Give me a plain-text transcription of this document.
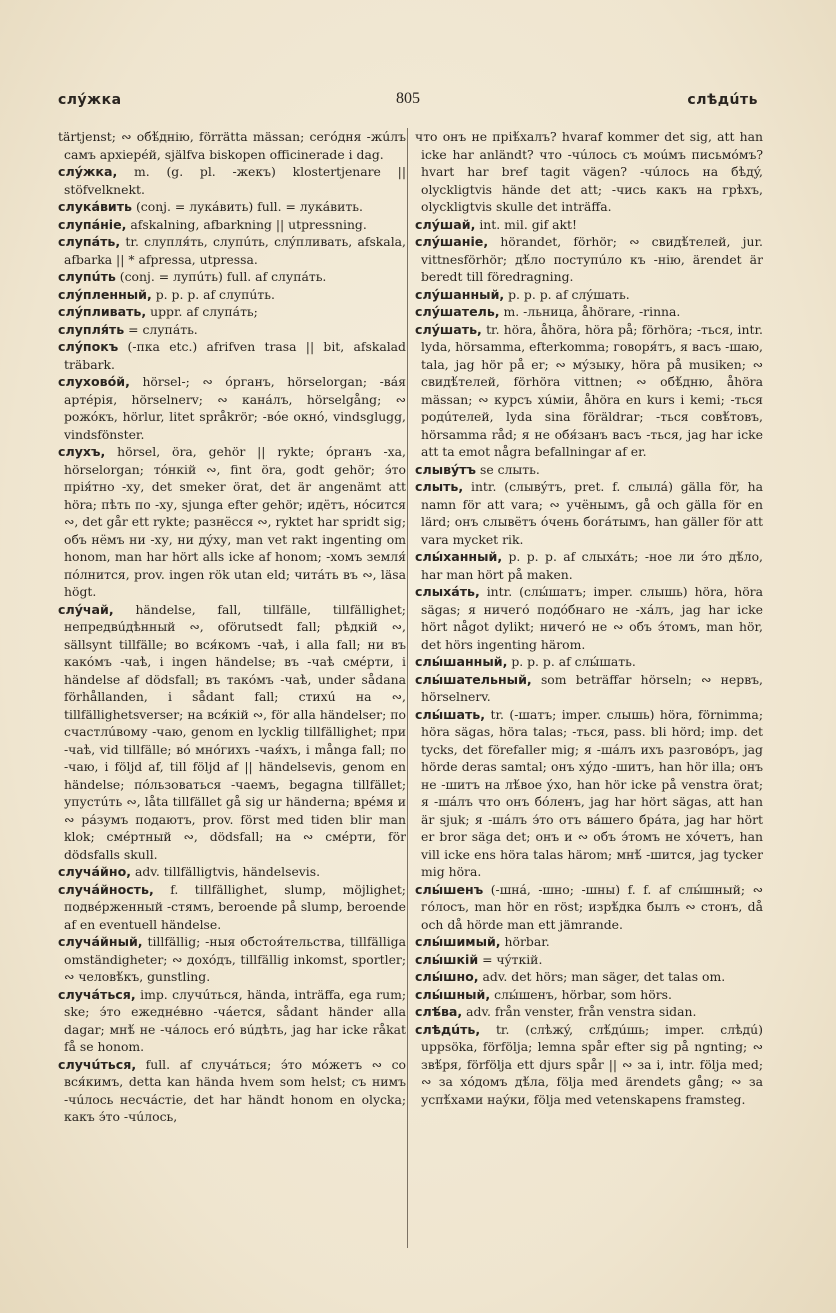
слýжка	805	слѣдúть

tärtjenst; ∾ обѣ́днію, förrätta mässan; сегóдня -жúлъ самъ архіерéй, själfva biskopen officinerade i dag.

слýжка, m. (g. pl. -жекъ) klostertjenare || stöfvelknekt.

слукáвить (conj. = лукáвить) full. = лукáвить.

слупáніе, afskalning, afbarkning || utpressning.

слупáть, tr. слупля́ть, слупúть, слýпливать, afskala, afbarka || * afpressa, utpressa.

слупúть (conj. = лупúть) full. af слупáть.

слýпленный, p. p. p. af слупúть.

слýпливать, uppr. af слупáть;

слупля́ть = слупáть.

слýпокъ (-пка etc.) afrifven trasa || bit, afskalad träbark.

слуховóй, hörsel-; ∾ óрганъ, hörselorgan; -вáя артéрія, hörselnerv; ∾ канáлъ, hörselgång; ∾ рожóкъ, hörlur, litet språkrör; -вóе окнó, vindsglugg, vindsfönster.

слухъ, hörsel, öra, gehör || rykte; óрганъ -ха, hörselorgan; тóнкій ∾, fint öra, godt gehör; э́то прія́тно -ху, det smeker örat, det är angenämt att höra; пѣть по -ху, sjunga efter gehör; идётъ, нóсится ∾, det går ett rykte; разнёсся ∾, ryktet har spridt sig; объ нёмъ ни -ху, ни дýху, man vet rakt ingenting om honom, man har hört alls icke af honom; -хомъ земля́ пóлнится, prov. ingen rök utan eld; читáть въ ∾, läsa högt.

слýчай, händelse, fall, tillfälle, tillfällighet; непредвúдѣнный ∾, oförutsedt fall; рѣдкій ∾, sällsynt tillfälle; во вся́комъ -чаѣ, i alla fall; ни въ какóмъ -чаѣ, i ingen händelse; въ -чаѣ смéрти, i händelse af dödsfall; въ такóмъ -чаѣ, under sådana förhållanden, i sådant fall; стихú на ∾, tillfällighetsverser; на вся́кій ∾, för alla händelser; по счастлúвому -чаю, genom en lycklig tillfällighet; при -чаѣ, vid tillfälle; вó мнóгихъ -чая́хъ, i många fall; по -чаю, i följd af, till följd af || händelsevis, genom en händelse; пóльзоваться -чаемъ, begagna tillfället; упустúть ∾, låta tillfället gå sig ur händerna; врéмя и ∾ рáзумъ подаютъ, prov. först med tiden blir man klok; смéртный ∾, dödsfall; на ∾ смéрти, för dödsfalls skull.

случáйно, adv. tillfälligtvis, händelsevis.

случáйность, f. tillfällighet, slump, möjlighet; подвéрженный -стямъ, beroende på slump, beroende af en eventuell händelse.

случáйный, tillfällig; -ныя обстоя́тельства, tillfälliga omständigheter; ∾ дохóдъ, tillfällig inkomst, sportler; ∾ человѣ́къ, gunstling.

случáться, imp. случúться, hända, inträffa, ega rum; ske; э́то ежеднéвно -чáется, sådant händer alla dagar; мнѣ́ не -чáлось егó вúдѣть, jag har icke råkat få se honom.

случúться, full. af случáться; э́то мóжетъ ∾ со вся́кимъ, detta kan hända hvem som helst; съ нимъ -чúлось несчáстіе, det har händt honom en olycka; какъ э́то -чúлось,

что онъ не пріѣ́халъ? hvaraf kommer det sig, att han icke har anländt? что -чúлось съ моúмъ письмóмъ? hvart har bref tagit vägen? -чúлось на бѣдý, olyckligtvis hände det att; -чись какъ на грѣхъ, olyckligtvis skulle det inträffa.

слýшай, int. mil. gif akt!

слýшаніе, hörandet, förhör; ∾ свидѣ́телей, jur. vittnesförhör; дѣ́ло поступúло къ -нію, ärendet är beredt till föredragning.

слýшанный, p. p. p. af слýшать.

слýшатель, m. -льница, åhörare, -rinna.

слýшать, tr. höra, åhöra, höra på; förhöra; -ться, intr. lyda, hörsamma, efterkomma; говоря́тъ, я васъ -шаю, tala, jag hör på er; ∾ мýзыку, höra på musiken; ∾ свидѣ́телей, förhöra vittnen; ∾ обѣ́дню, åhöra mässan; ∾ курсъ хúміи, åhöra en kurs i kemi; -ться родúтелей, lyda sina föräldrar; -ться совѣ́товъ, hörsamma råd; я не обя́занъ васъ -ться, jag har icke att ta emot några befallningar af er.

слывýтъ se слыть.

слыть, intr. (слывýтъ, pret. f. слылá) gälla för, ha namn för att vara; ∾ учёнымъ, gå och gälla för en lärd; онъ слывётъ óчень богáтымъ, han gäller för att vara mycket rik.

слы́ханный, p. p. p. af слыхáть; -ное ли э́то дѣ́ло, har man hört på maken.

слыхáть, intr. (слы́шатъ; imper. слышь) höra, höra sägas; я ничегó подóбнаго не -хáлъ, jag har icke hört något dylikt; ничегó не ∾ объ э́томъ, man hör, det hörs ingenting härom.

слы́шанный, p. p. p. af слы́шать.

слы́шательный, som beträffar hörseln; ∾ нервъ, hörselnerv.

слы́шать, tr. (-шатъ; imper. слышь) höra, förnimma; höra sägas, höra talas; -ться, pass. bli hörd; imp. det tycks, det förefaller mig; я -шáлъ ихъ разговóръ, jag hörde deras samtal; онъ хýдо -шитъ, han hör illa; онъ не -шитъ на лѣ́вое ýхо, han hör icke på venstra örat; я -шáлъ что онъ бóленъ, jag har hört sägas, att han är sjuk; я -шáлъ э́то отъ вáшего брáта, jag har hört er bror säga det; онъ и ∾ объ э́томъ не хóчетъ, han vill icke ens höra talas härom; мнѣ́ -шится, jag tycker mig höra.

слы́шенъ (-шнá, -шно; -шны) f. f. af слы́шный; ∾ гóлосъ, man hör en röst; изрѣ́дка былъ ∾ стонъ, då och då hörde man ett jämrande.

слы́шимый, hörbar.

слы́шкій = чýткій.

слы́шно, adv. det hörs; man säger, det talas om.

слы́шный, слы́шенъ, hörbar, som hörs.

слѣ́ва, adv. från venster, från venstra sidan.

слѣдúть, tr. (слѣжý, слѣ́дúшь; imper. слѣдú) uppsöka, förfölja; lemna spår efter sig på ngnting; ∾ звѣ́ря, förfölja ett djurs spår || ∾ за i, intr. följa med; ∾ за хóдомъ дѣ́ла, följa med ärendets gång; ∾ за успѣ́хами наýки, följa med vetenskapens framsteg.
